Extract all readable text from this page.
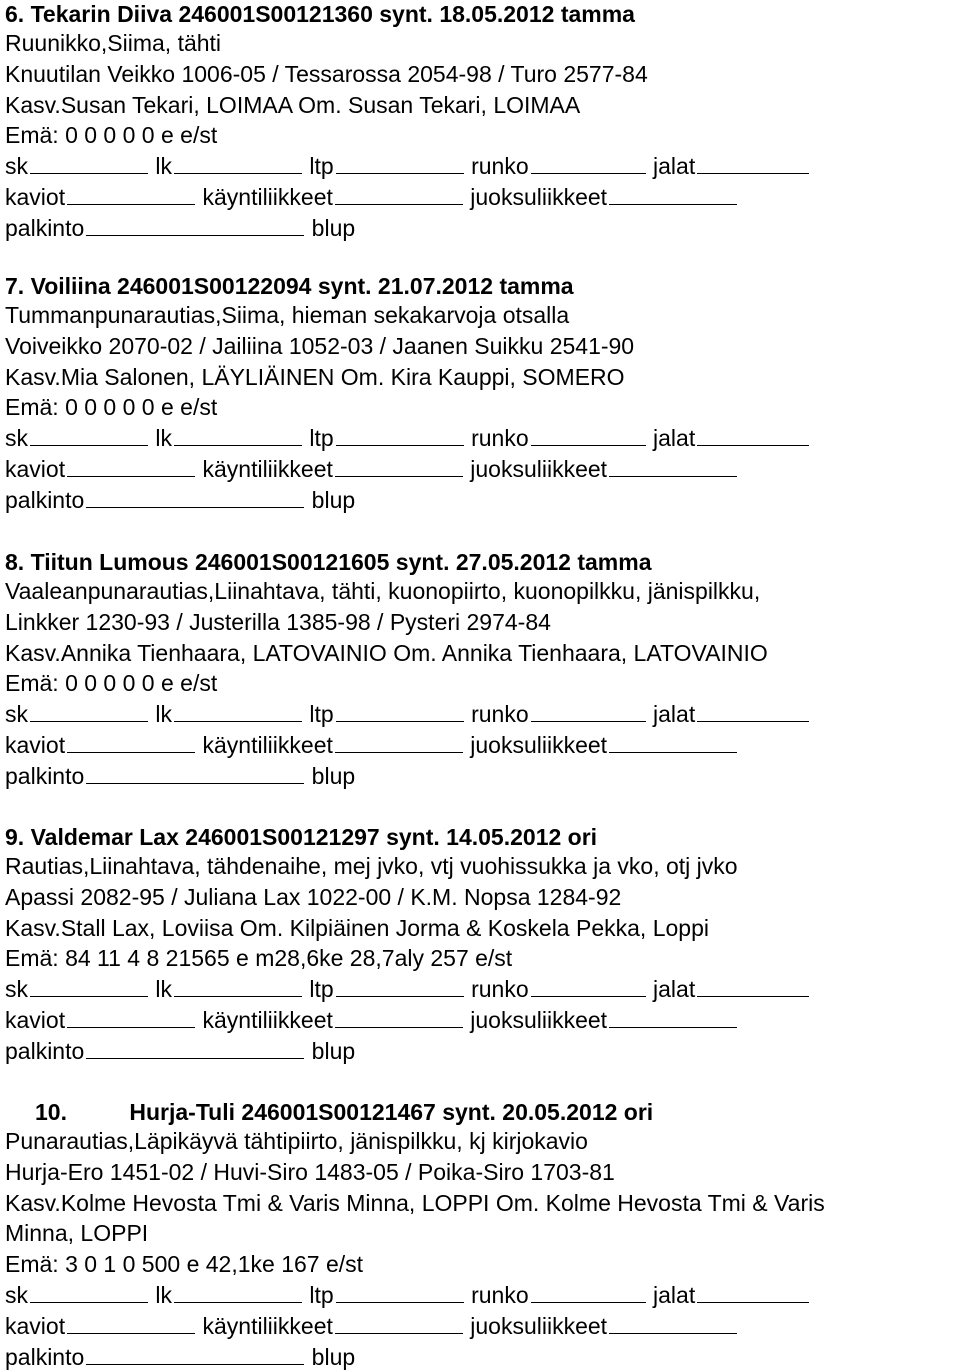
6. Tekarin Diiva 246001S00121360 synt. 18.05.2012 tamma
Ruunikko,Siima, tähti
Knuutilan Veikko 1006-05 / Tessarossa 2054-98 / Turo 2577-84
Kasv.Susan Tekari, LOIMAA Om. Susan Tekari, LOIMAA
Emä: 0 0 0 0 0 e e/st
sk	lk	ltp	runko	jalat
kaviot	käyntiliikkeet	juoksuliikkeet
palkinto	blup
7. Voiliina 246001S00122094 synt. 21.07.2012 tamma
Tummanpunarautias,Siima, hieman sekakarvoja otsalla
Voiveikko 2070-02 / Jailiina 1052-03 / Jaanen Suikku 2541-90
Kasv.Mia Salonen, LÄYLIÄINEN Om. Kira Kauppi, SOMERO
Emä: 0 0 0 0 0 e e/st
sk	lk	ltp	runko	jalat
kaviot	käyntiliikkeet	juoksuliikkeet
palkinto	blup
8. Tiitun Lumous 246001S00121605 synt. 27.05.2012 tamma
Vaaleanpunarautias,Liinahtava, tähti, kuonopiirto, kuonopilkku, jänispilkku,
Linkker 1230-93 / Justerilla 1385-98 / Pysteri 2974-84
Kasv.Annika Tienhaara, LATOVAINIO Om. Annika Tienhaara, LATOVAINIO
Emä: 0 0 0 0 0 e e/st
sk	lk	ltp	runko	jalat
kaviot	käyntiliikkeet	juoksuliikkeet
palkinto	blup
9. Valdemar Lax 246001S00121297 synt. 14.05.2012 ori
Rautias,Liinahtava, tähdenaihe, mej jvko, vtj vuohissukka ja vko, otj jvko
Apassi 2082-95 / Juliana Lax 1022-00 / K.M. Nopsa 1284-92
Kasv.Stall Lax, Loviisa Om. Kilpiäinen Jorma & Koskela Pekka, Loppi
Emä: 84 11 4 8 21565 e m28,6ke 28,7aly 257 e/st
sk	lk	ltp	runko	jalat
kaviot	käyntiliikkeet	juoksuliikkeet
palkinto	blup
10.	Hurja-Tuli 246001S00121467 synt. 20.05.2012 ori
Punarautias,Läpikäyvä tähtipiirto, jänispilkku, kj kirjokavio
Hurja-Ero 1451-02 / Huvi-Siro 1483-05 / Poika-Siro 1703-81
Kasv.Kolme Hevosta Tmi & Varis Minna, LOPPI Om. Kolme Hevosta Tmi & Varis
Minna, LOPPI
Emä: 3 0 1 0 500 e 42,1ke 167 e/st
sk	lk	ltp	runko	jalat
kaviot	käyntiliikkeet	juoksuliikkeet
palkinto	blup
